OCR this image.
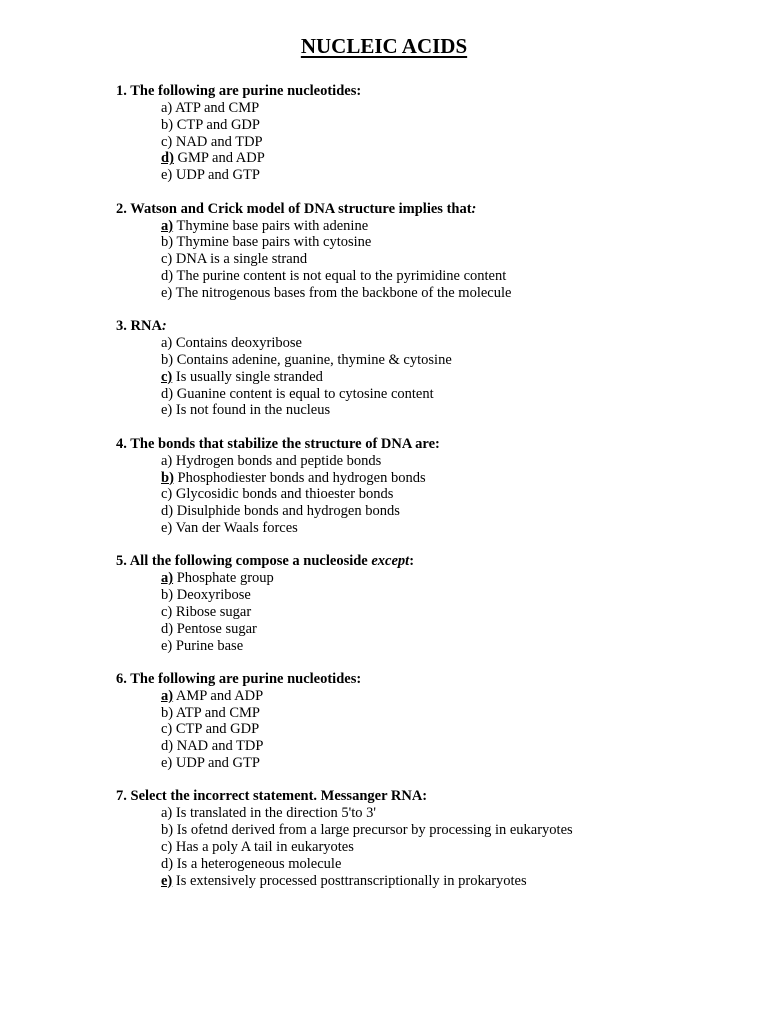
NUCLEIC ACIDS
1. The following are purine nucleotides:
a) ATP and CMP
b) CTP and GDP
c) NAD and TDP
d) GMP and ADP
e) UDP and GTP
2. Watson and Crick model of DNA structure implies that:
a) Thymine base pairs with adenine
b) Thymine base pairs with cytosine
c) DNA is a single strand
d) The purine content is not equal to the pyrimidine content
e) The nitrogenous bases from the backbone of the molecule
3. RNA:
a) Contains deoxyribose
b) Contains adenine, guanine, thymine & cytosine
c) Is usually single stranded
d) Guanine content is equal to cytosine content
e) Is not found in the nucleus
4. The bonds that stabilize the structure of DNA are:
a) Hydrogen bonds and peptide bonds
b) Phosphodiester bonds and hydrogen bonds
c) Glycosidic bonds and thioester bonds
d) Disulphide bonds and hydrogen bonds
e) Van der Waals forces
5. All the following compose a nucleoside except:
a) Phosphate group
b) Deoxyribose
c) Ribose sugar
d) Pentose sugar
e) Purine base
6. The following are purine nucleotides:
a) AMP and ADP
b) ATP and CMP
c) CTP and GDP
d) NAD and TDP
e) UDP and GTP
7. Select the incorrect statement. Messanger RNA:
a) Is translated in the direction 5'to 3'
b) Is ofetnd derived from a large precursor by processing in eukaryotes
c) Has a poly A tail in eukaryotes
d) Is a heterogeneous molecule
e) Is extensively processed posttranscriptionally in prokaryotes
